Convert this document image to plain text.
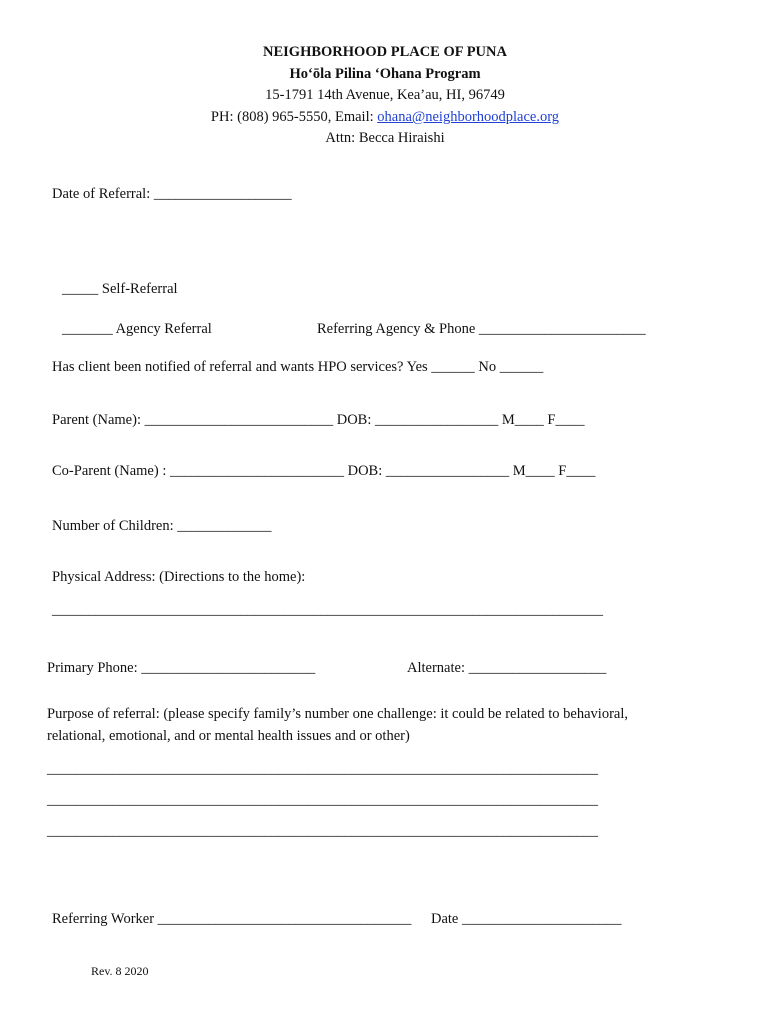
NEIGHBORHOOD PLACE OF PUNA
Hoʻōla Pilina ʻOhana Program
15-1791 14th Avenue, Kea’au, HI, 96749
PH: (808) 965-5550, Email: ohana@neighborhoodplace.org
Attn: Becca Hiraishi
Date of Referral: ___________________
_____ Self-Referral
_______ Agency Referral	Referring Agency & Phone _______________________
Has client been notified of referral and wants HPO services? Yes ______ No ______
Parent (Name): __________________________ DOB: _________________ M____ F____
Co-Parent (Name) : ________________________ DOB: _________________ M____ F____
Number of Children: _____________
Physical Address: (Directions to the home):
____________________________________________________________________________
Primary Phone: ________________________	Alternate: ___________________
Purpose of referral: (please specify family’s number one challenge: it could be related to behavioral,
relational, emotional, and or mental health issues and or other)
____________________________________________________________________________
____________________________________________________________________________
____________________________________________________________________________
Referring Worker ___________________________________ Date ______________________
Rev. 8 2020
